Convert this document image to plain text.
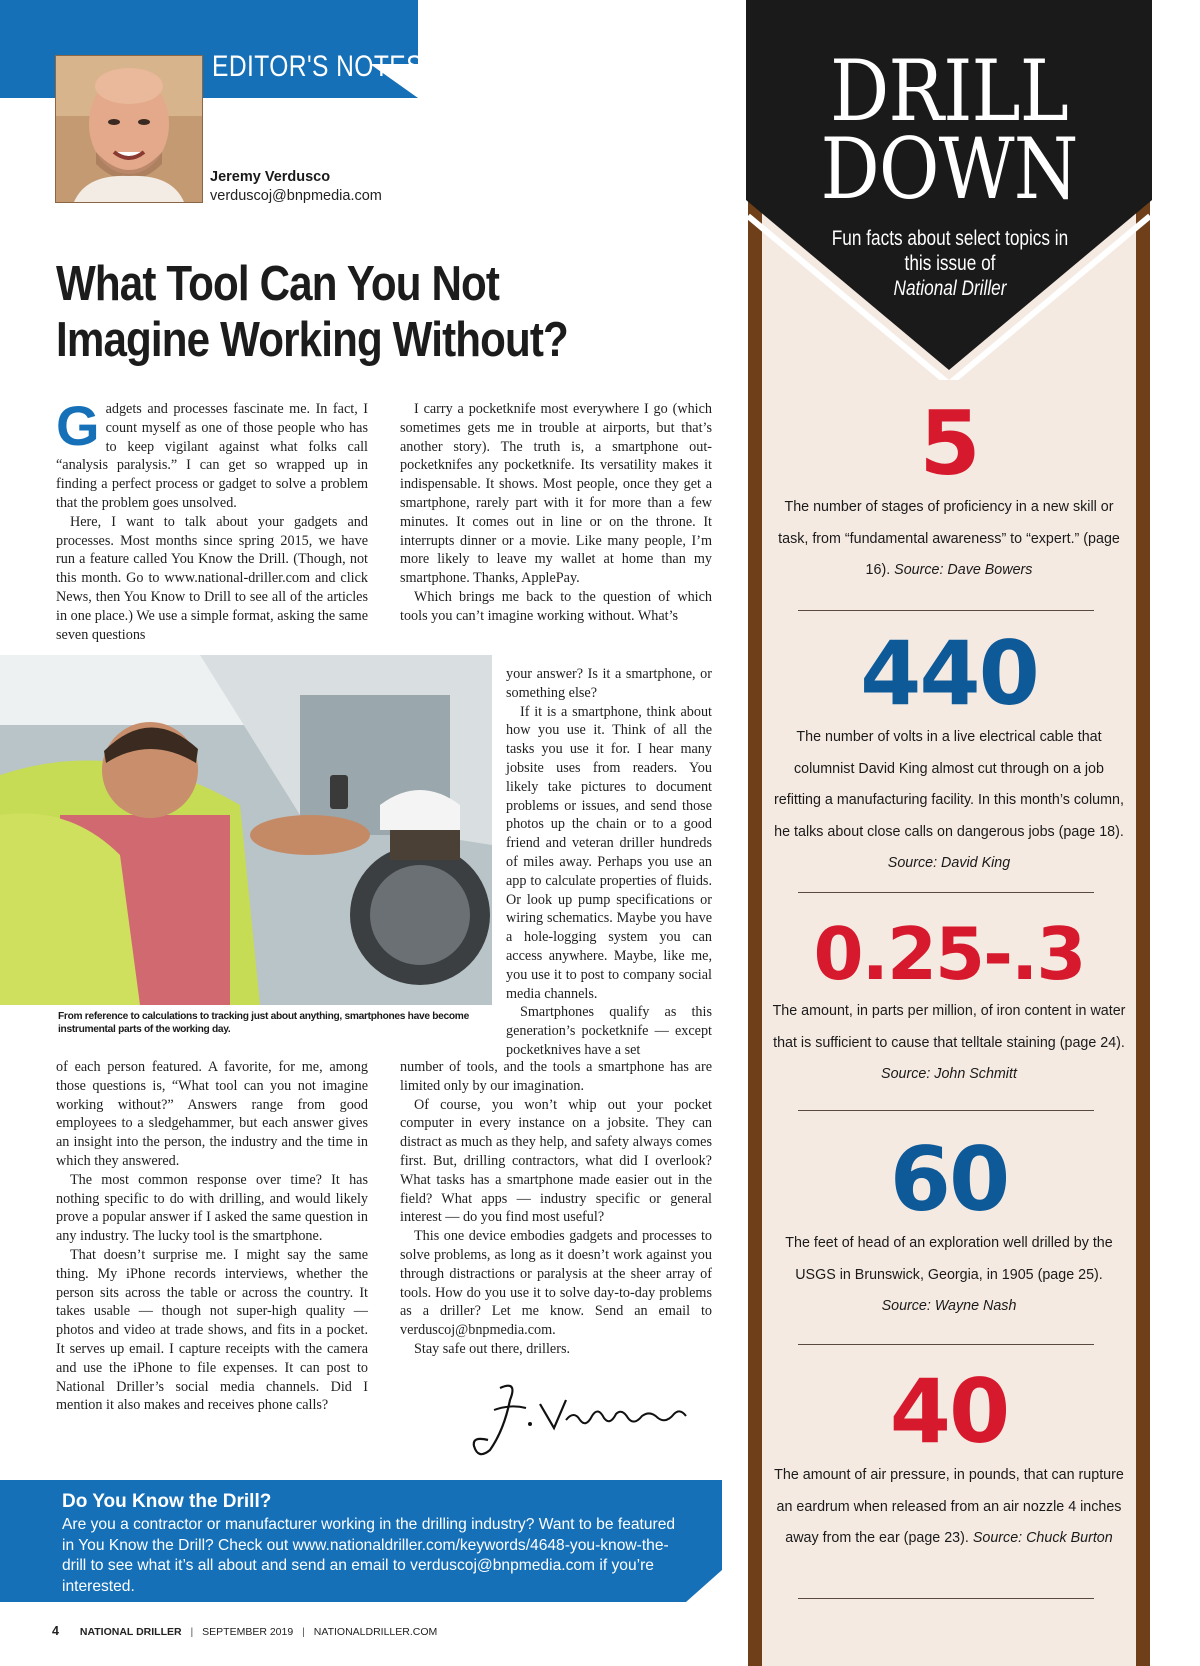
EDITOR'S NOTES
Jeremy Verdusco
verduscoj@bnpmedia.com
What Tool Can You Not Imagine Working Without?

Gadgets and processes fascinate me. In fact, I count myself as one of those people who has to keep vigilant against what folks call “analysis paralysis.” I can get so wrapped up in finding a perfect process or gadget to solve a problem that the problem goes unsolved.

Here, I want to talk about your gadgets and processes. Most months since spring 2015, we have run a feature called You Know the Drill. (Though, not this month. Go to www.national-driller.com and click News, then You Know to Drill to see all of the articles in one place.) We use a simple format, asking the same seven questions

I carry a pocketknife most everywhere I go (which sometimes gets me in trouble at airports, but that’s another story). The truth is, a smartphone out-pocketknifes any pocketknife. Its versatility makes it indispensable. It shows. Most people, once they get a smartphone, rarely part with it for more than a few minutes. It comes out in line or on the throne. It interrupts dinner or a movie. Like many people, I’m more likely to leave my wallet at home than my smartphone. Thanks, ApplePay.

Which brings me back to the question of which tools you can’t imagine working without. What’s

your answer? Is it a smartphone, or something else?

If it is a smartphone, think about how you use it. Think of all the tasks you use it for. I hear many jobsite uses from readers. You likely take pictures to document problems or issues, and send those photos up the chain or to a good friend and veteran driller hundreds of miles away. Perhaps you use an app to calculate properties of fluids. Or look up pump specifications or wiring schematics. Maybe you have a hole-logging system you can access anywhere. Maybe, like me, you use it to post to company social media channels.

Smartphones qualify as this generation’s pocketknife — except pocketknives have a set

From reference to calculations to tracking just about anything, smartphones have become instrumental parts of the working day.

of each person featured. A favorite, for me, among those questions is, “What tool can you not imagine working without?” Answers range from good employees to a sledgehammer, but each answer gives an insight into the person, the industry and the time in which they answered.

The most common response over time? It has nothing specific to do with drilling, and would likely prove a popular answer if I asked the same question in any industry. The lucky tool is the smartphone.

That doesn’t surprise me. I might say the same thing. My iPhone records interviews, whether the person sits across the table or across the country. It takes usable — though not super-high quality — photos and video at trade shows, and fits in a pocket. It serves up email. I capture receipts with the camera and use the iPhone to file expenses. It can post to National Driller’s social media channels. Did I mention it also makes and receives phone calls?

number of tools, and the tools a smartphone has are limited only by our imagination.

Of course, you won’t whip out your pocket computer in every instance on a jobsite. They can distract as much as they help, and safety always comes first. But, drilling contractors, what did I overlook? What tasks has a smartphone made easier out in the field? What apps — industry specific or general interest — do you find most useful?

This one device embodies gadgets and processes to solve problems, as long as it doesn’t work against you through distractions or paralysis at the sheer array of tools. How do you use it to solve day-to-day problems as a driller? Let me know. Send an email to verduscoj@bnpmedia.com.

Stay safe out there, drillers.

Do You Know the Drill?
Are you a contractor or manufacturer working in the drilling industry? Want to be featured in You Know the Drill? Check out www.nationaldriller.com/keywords/4648-you-know-the-drill to see what it’s all about and send an email to verduscoj@bnpmedia.com if you’re interested.
4 NATIONAL DRILLER | SEPTEMBER 2019 | NATIONALDRILLER.COM
DRILL
DOWN
Fun facts about select topics in this issue of
National Driller
5
The number of stages of proficiency in a new skill or task, from “fundamental awareness” to “expert.” (page 16). Source: Dave Bowers
440
The number of volts in a live electrical cable that columnist David King almost cut through on a job refitting a manufacturing facility. In this month’s column, he talks about close calls on dangerous jobs (page 18). Source: David King
0.25-.3
The amount, in parts per million, of iron content in water that is sufficient to cause that telltale staining (page 24). Source: John Schmitt
60
The feet of head of an exploration well drilled by the USGS in Brunswick, Georgia, in 1905 (page 25). Source: Wayne Nash
40
The amount of air pressure, in pounds, that can rupture an eardrum when released from an air nozzle 4 inches away from the ear (page 23). Source: Chuck Burton
